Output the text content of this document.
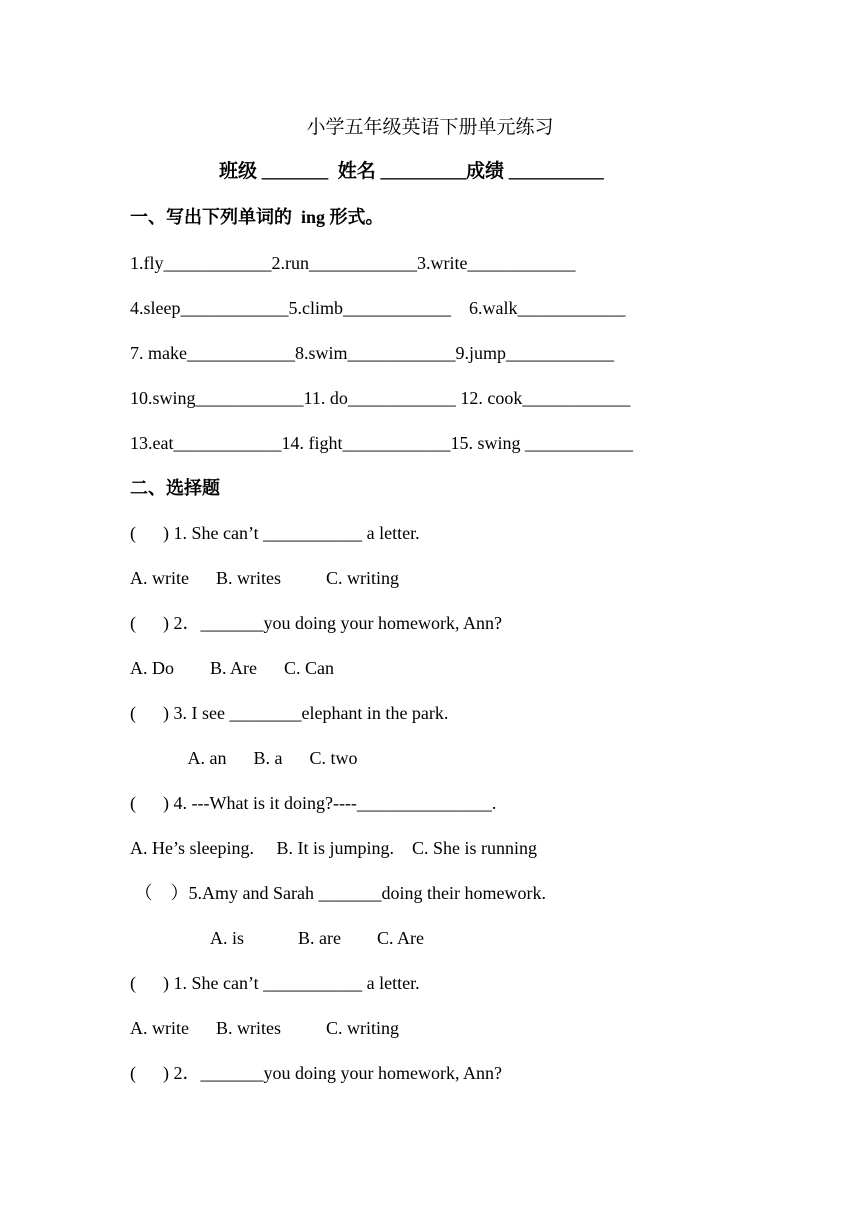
小学五年级英语下册单元练习
班级 _______  姓名 _________成绩 __________
一、写出下列单词的  ing 形式。
1.fly____________2.run____________3.write____________
4.sleep____________5.climb____________    6.walk____________
7. make____________8.swim____________9.jump____________
10.swing____________11. do____________ 12. cook____________
13.eat____________14. fight____________15. swing ____________
二、选择题
(      ) 1. She can’t ___________ a letter.
A. write      B. writes          C. writing
(      ) 2．_______you doing your homework, Ann?
A. Do        B. Are      C. Can
(      ) 3. I see ________elephant in the park.
A. an      B. a      C. two
(      ) 4. ---What is it doing?----_______________.
A. He’s sleeping.     B. It is jumping.    C. She is running
（    ）5.Amy and Sarah _______doing their homework.
A. is            B. are        C. Are
(      ) 1. She can’t ___________ a letter.
A. write      B. writes          C. writing
(      ) 2．_______you doing your homework, Ann?
